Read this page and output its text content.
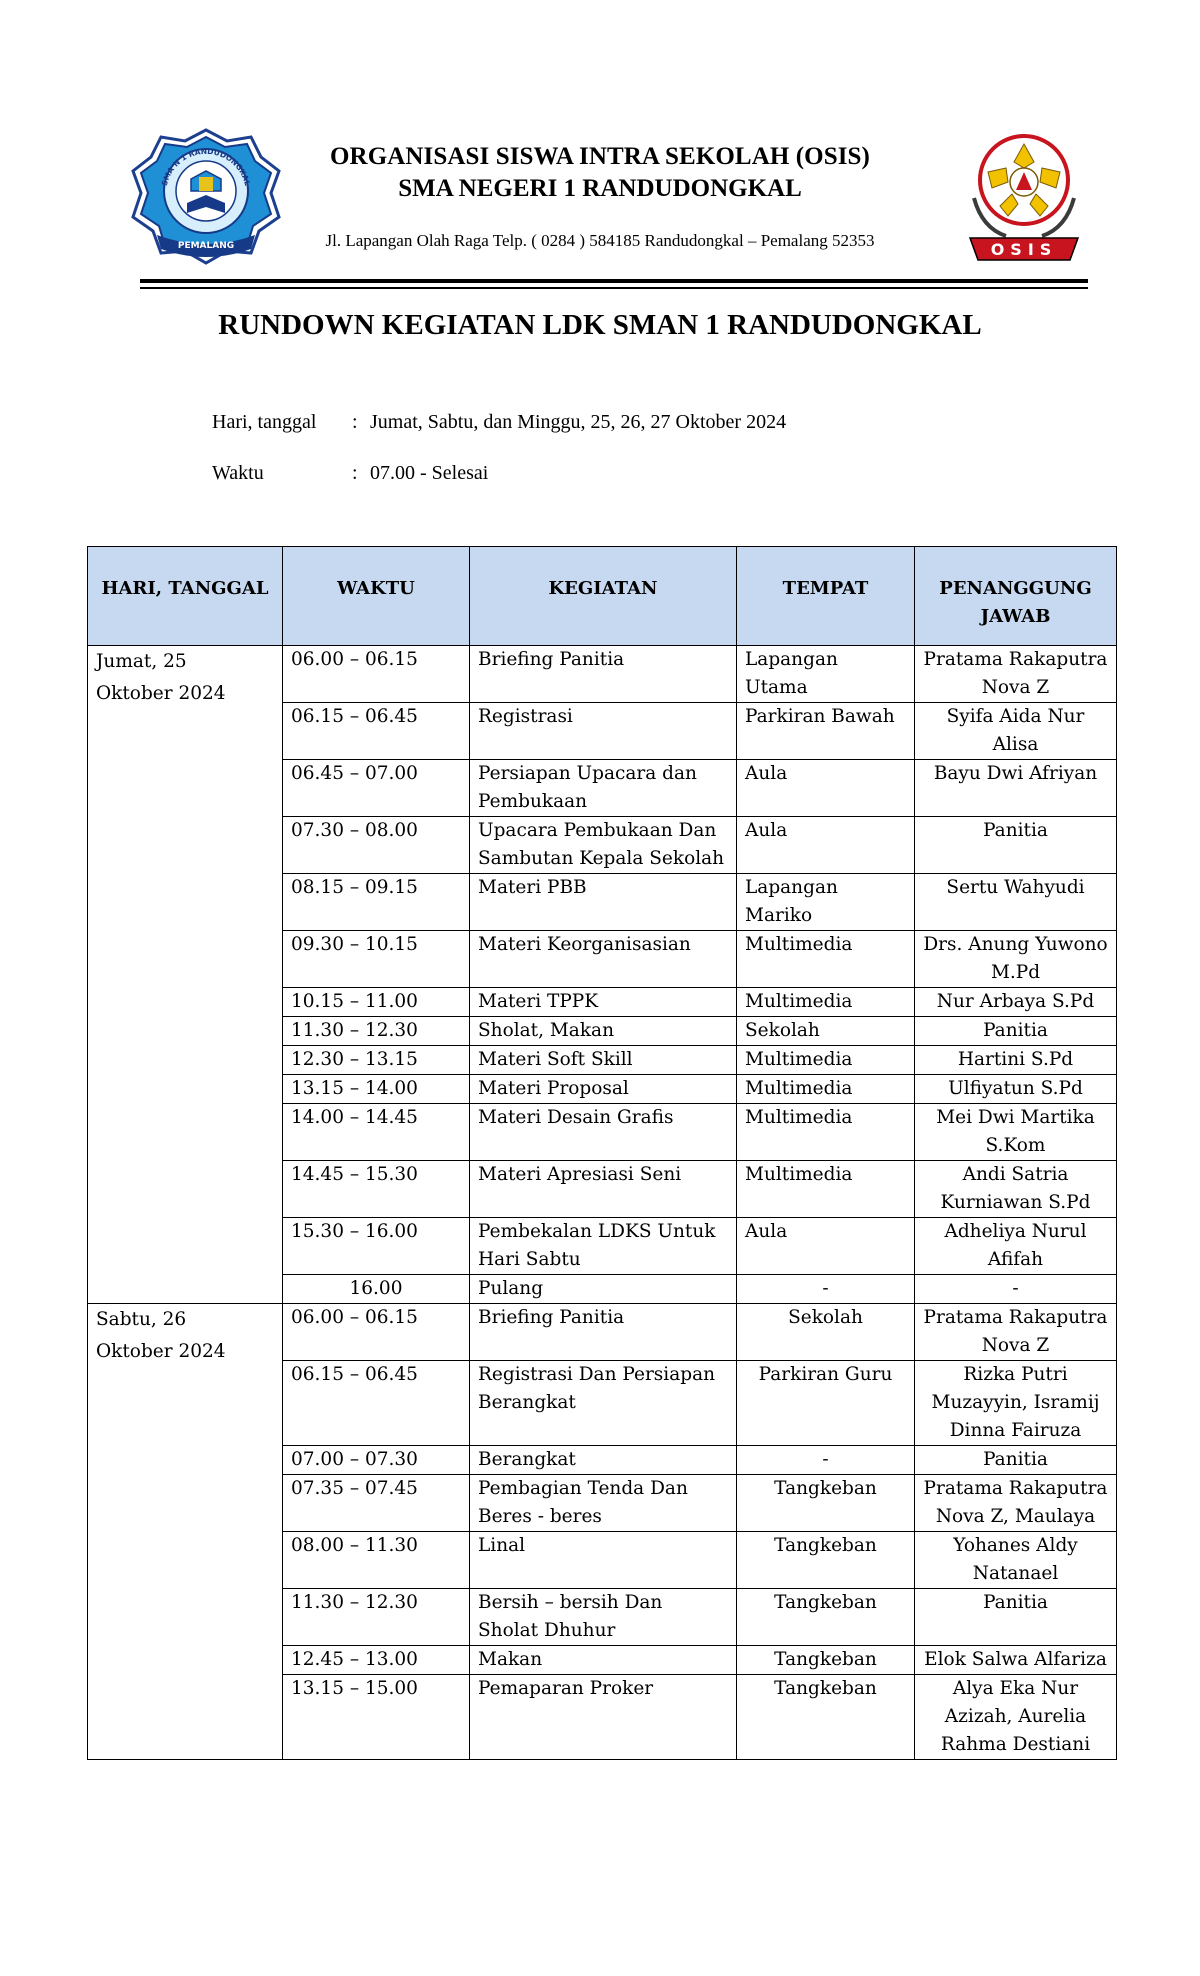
PEMALANG
SMA N 1 RANDUDONGKAL
ORGANISASI SISWA INTRA SEKOLAH (OSIS)
SMA NEGERI 1 RANDUDONGKAL
Jl. Lapangan Olah Raga Telp. ( 0284 ) 584185 Randudongkal – Pemalang 52353	OSIS
RUNDOWN KEGIATAN LDK SMAN 1 RANDUDONGKAL
Hari, tanggal : Jumat, Sabtu, dan Minggu, 25, 26, 27 Oktober 2024
Waktu	: 07.00 - Selesai
HARI, TANGGAL	WAKTU	KEGIATAN	TEMPAT	PENANGGUNG JAWAB

Jumat, 25
Oktober 2024	06.00 – 06.15	Briefing Panitia	Lapangan Utama	Pratama Rakaputra Nova Z
	06.15 – 06.45	Registrasi	Parkiran Bawah	Syifa Aida Nur Alisa
	06.45 – 07.00	Persiapan Upacara dan Pembukaan	Aula	Bayu Dwi Afriyan
	07.30 – 08.00	Upacara Pembukaan Dan Sambutan Kepala Sekolah	Aula	Panitia
	08.15 – 09.15	Materi PBB	Lapangan Mariko	Sertu Wahyudi
	09.30 – 10.15	Materi Keorganisasian	Multimedia	Drs. Anung Yuwono M.Pd
	10.15 – 11.00	Materi TPPK	Multimedia	Nur Arbaya S.Pd
	11.30 – 12.30	Sholat, Makan	Sekolah	Panitia
	12.30 – 13.15	Materi Soft Skill	Multimedia	Hartini S.Pd
	13.15 – 14.00	Materi Proposal	Multimedia	Ulfiyatun S.Pd
	14.00 – 14.45	Materi Desain Grafis	Multimedia	Mei Dwi Martika S.Kom
	14.45 – 15.30	Materi Apresiasi Seni	Multimedia	Andi Satria Kurniawan S.Pd
	15.30 – 16.00	Pembekalan LDKS Untuk Hari Sabtu	Aula	Adheliya Nurul Afifah
	16.00	Pulang	-	-

Sabtu, 26
Oktober 2024	06.00 – 06.15	Briefing Panitia	Sekolah	Pratama Rakaputra Nova Z
	06.15 – 06.45	Registrasi Dan Persiapan Berangkat	Parkiran Guru	Rizka Putri Muzayyin, Isramij Dinna Fairuza
	07.00 – 07.30	Berangkat	-	Panitia
	07.35 – 07.45	Pembagian Tenda Dan Beres - beres	Tangkeban	Pratama Rakaputra Nova Z, Maulaya
	08.00 – 11.30	Linal	Tangkeban	Yohanes Aldy Natanael
	11.30 – 12.30	Bersih – bersih Dan Sholat Dhuhur	Tangkeban	Panitia
	12.45 – 13.00	Makan	Tangkeban	Elok Salwa Alfariza
	13.15 – 15.00	Pemaparan Proker	Tangkeban	Alya Eka Nur Azizah, Aurelia Rahma Destiani
